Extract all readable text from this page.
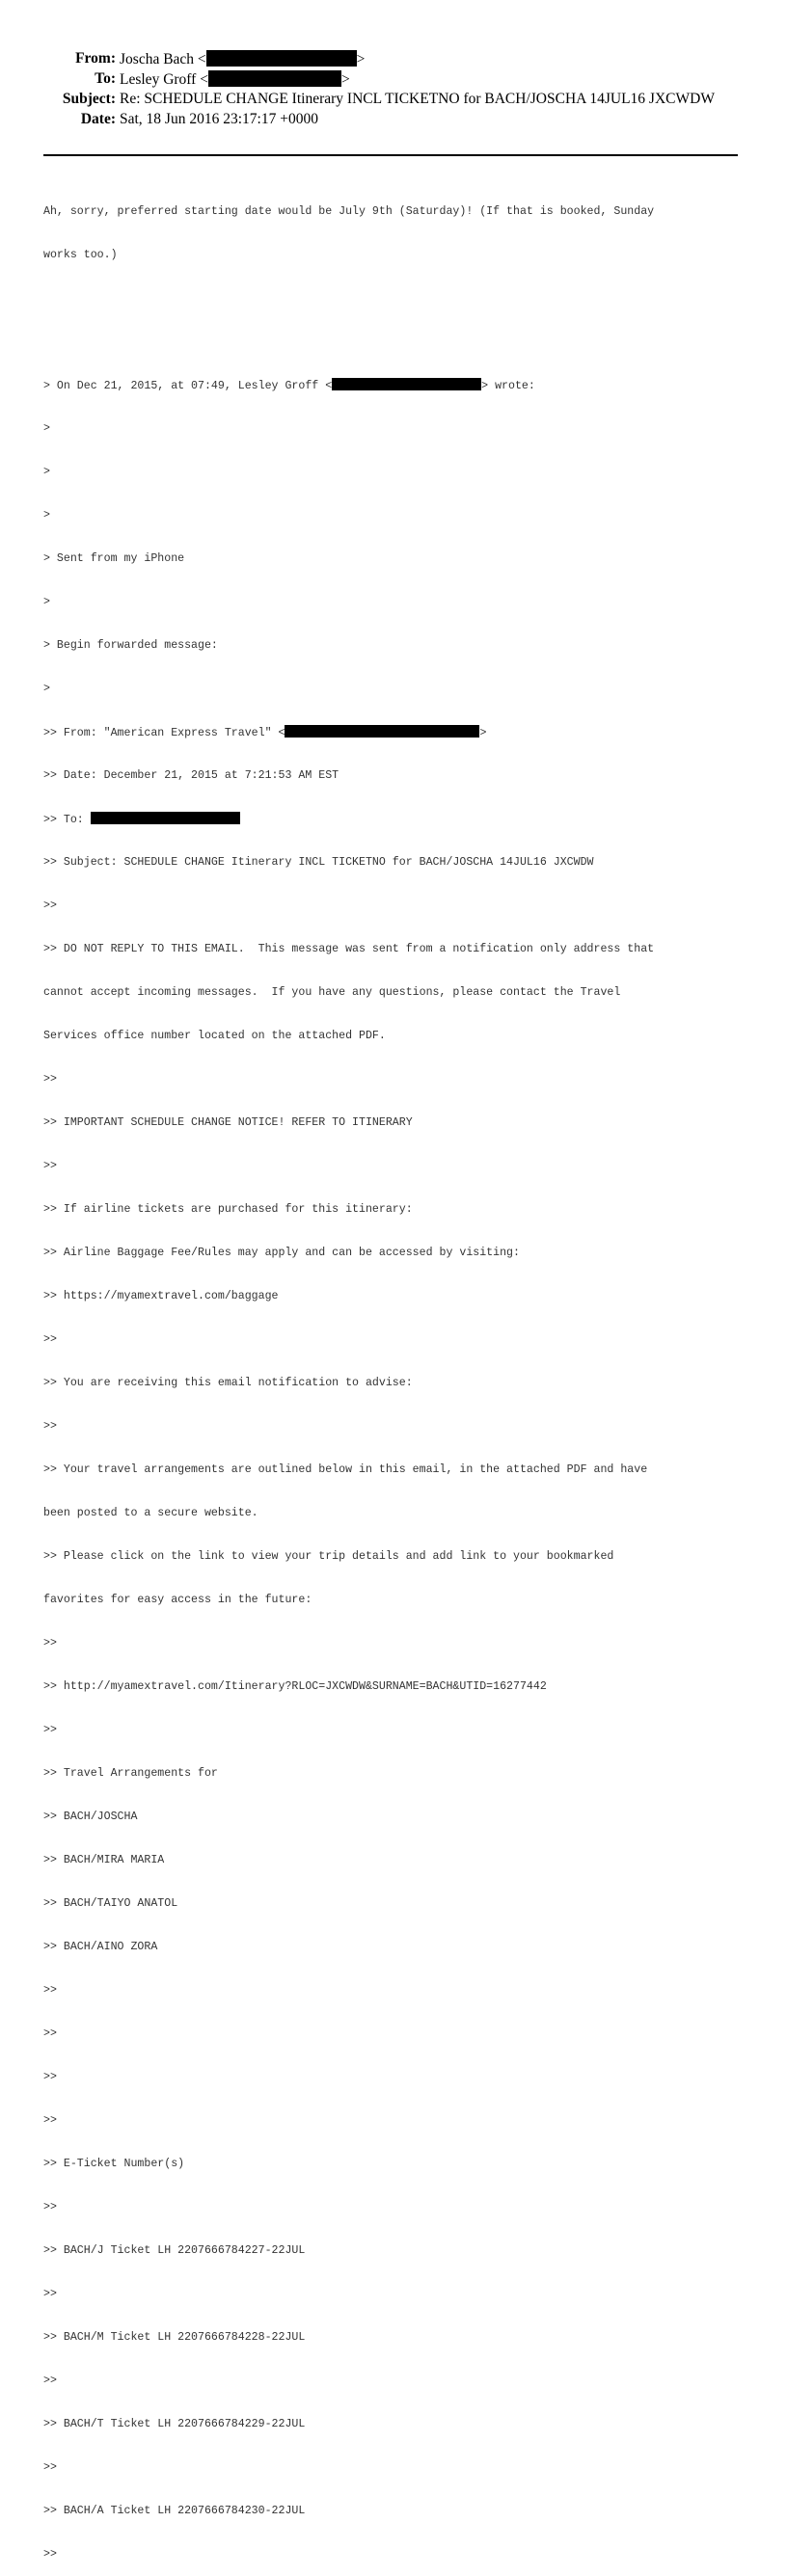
From: Joscha Bach <	>
To: Lesley Groff <	>
Subject: Re: SCHEDULE CHANGE Itinerary INCL TICKETNO for BACH/JOSCHA 14JUL16 JXCWDW
Date: Sat, 18 Jun 2016 23:17:17 +0000

Ah, sorry, preferred starting date would be July 9th (Saturday)! (If that is booked, Sunday

works too.)

> On Dec 21, 2015, at 07:49, Lesley Groff <	> wrote:

>

>

>

> Sent from my iPhone

>

> Begin forwarded message:

>

>> From: "American Express Travel" <	>

>> Date: December 21, 2015 at 7:21:53 AM EST

>> To:

>> Subject: SCHEDULE CHANGE Itinerary INCL TICKETNO for BACH/JOSCHA 14JUL16 JXCWDW

>>

>> DO NOT REPLY TO THIS EMAIL.  This message was sent from a notification only address that

cannot accept incoming messages.  If you have any questions, please contact the Travel

Services office number located on the attached PDF.

>>

>> IMPORTANT SCHEDULE CHANGE NOTICE! REFER TO ITINERARY

>>

>> If airline tickets are purchased for this itinerary:

>> Airline Baggage Fee/Rules may apply and can be accessed by visiting:

>> https://myamextravel.com/baggage

>>

>> You are receiving this email notification to advise:

>>

>> Your travel arrangements are outlined below in this email, in the attached PDF and have

been posted to a secure website.

>> Please click on the link to view your trip details and add link to your bookmarked

favorites for easy access in the future:

>>

>> http://myamextravel.com/Itinerary?RLOC=JXCWDW&SURNAME=BACH&UTID=16277442

>>

>> Travel Arrangements for

>> BACH/JOSCHA

>> BACH/MIRA MARIA

>> BACH/TAIYO ANATOL

>> BACH/AINO ZORA

>>

>>

>>

>>

>> E-Ticket Number(s)

>>

>> BACH/J Ticket LH 2207666784227-22JUL

>>

>> BACH/M Ticket LH 2207666784228-22JUL

>>

>> BACH/T Ticket LH 2207666784229-22JUL

>>

>> BACH/A Ticket LH 2207666784230-22JUL

>>
